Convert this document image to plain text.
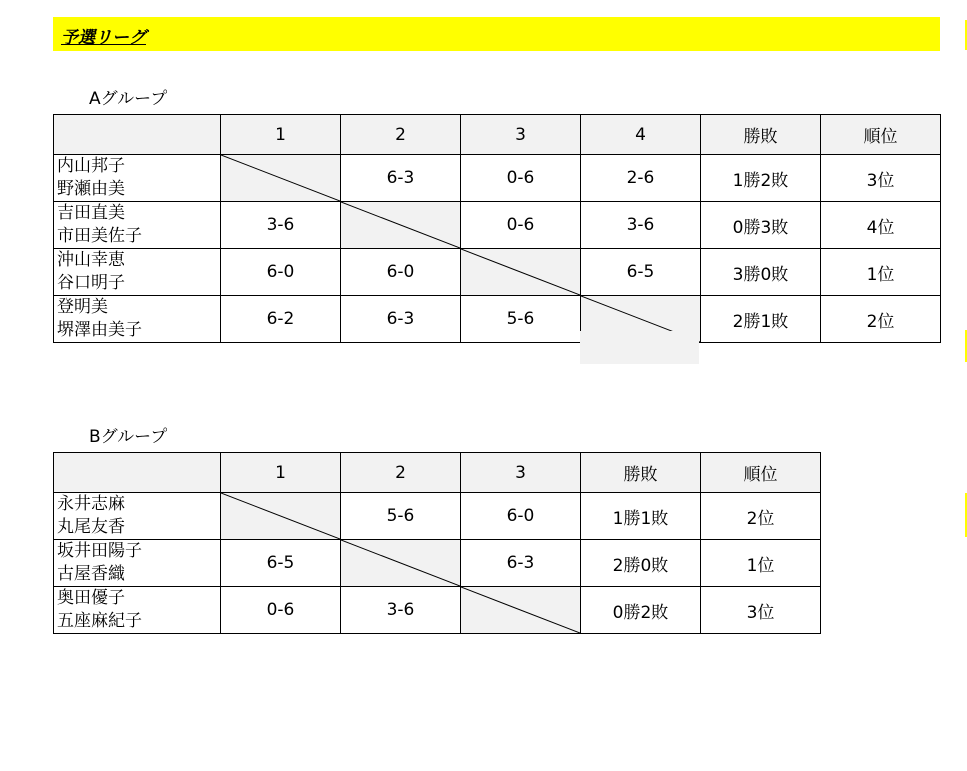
予選リーグ
Aグループ
	1	2	3	4	勝敗	順位

内山邦子
野瀬由美		6-3	0-6	2-6	1勝2敗	3位

吉田直美
市田美佐子	3-6		0-6	3-6	0勝3敗	4位

沖山幸恵
谷口明子	6-0	6-0		6-5	3勝0敗	1位

登明美
堺澤由美子	6-2	6-3	5-6		2勝1敗	2位
Bグループ
	1	2	3	勝敗	順位

永井志麻
丸尾友香		5-6	6-0	1勝1敗	2位

坂井田陽子
古屋香織	6-5		6-3	2勝0敗	1位

奥田優子
五座麻紀子	0-6	3-6		0勝2敗	3位
